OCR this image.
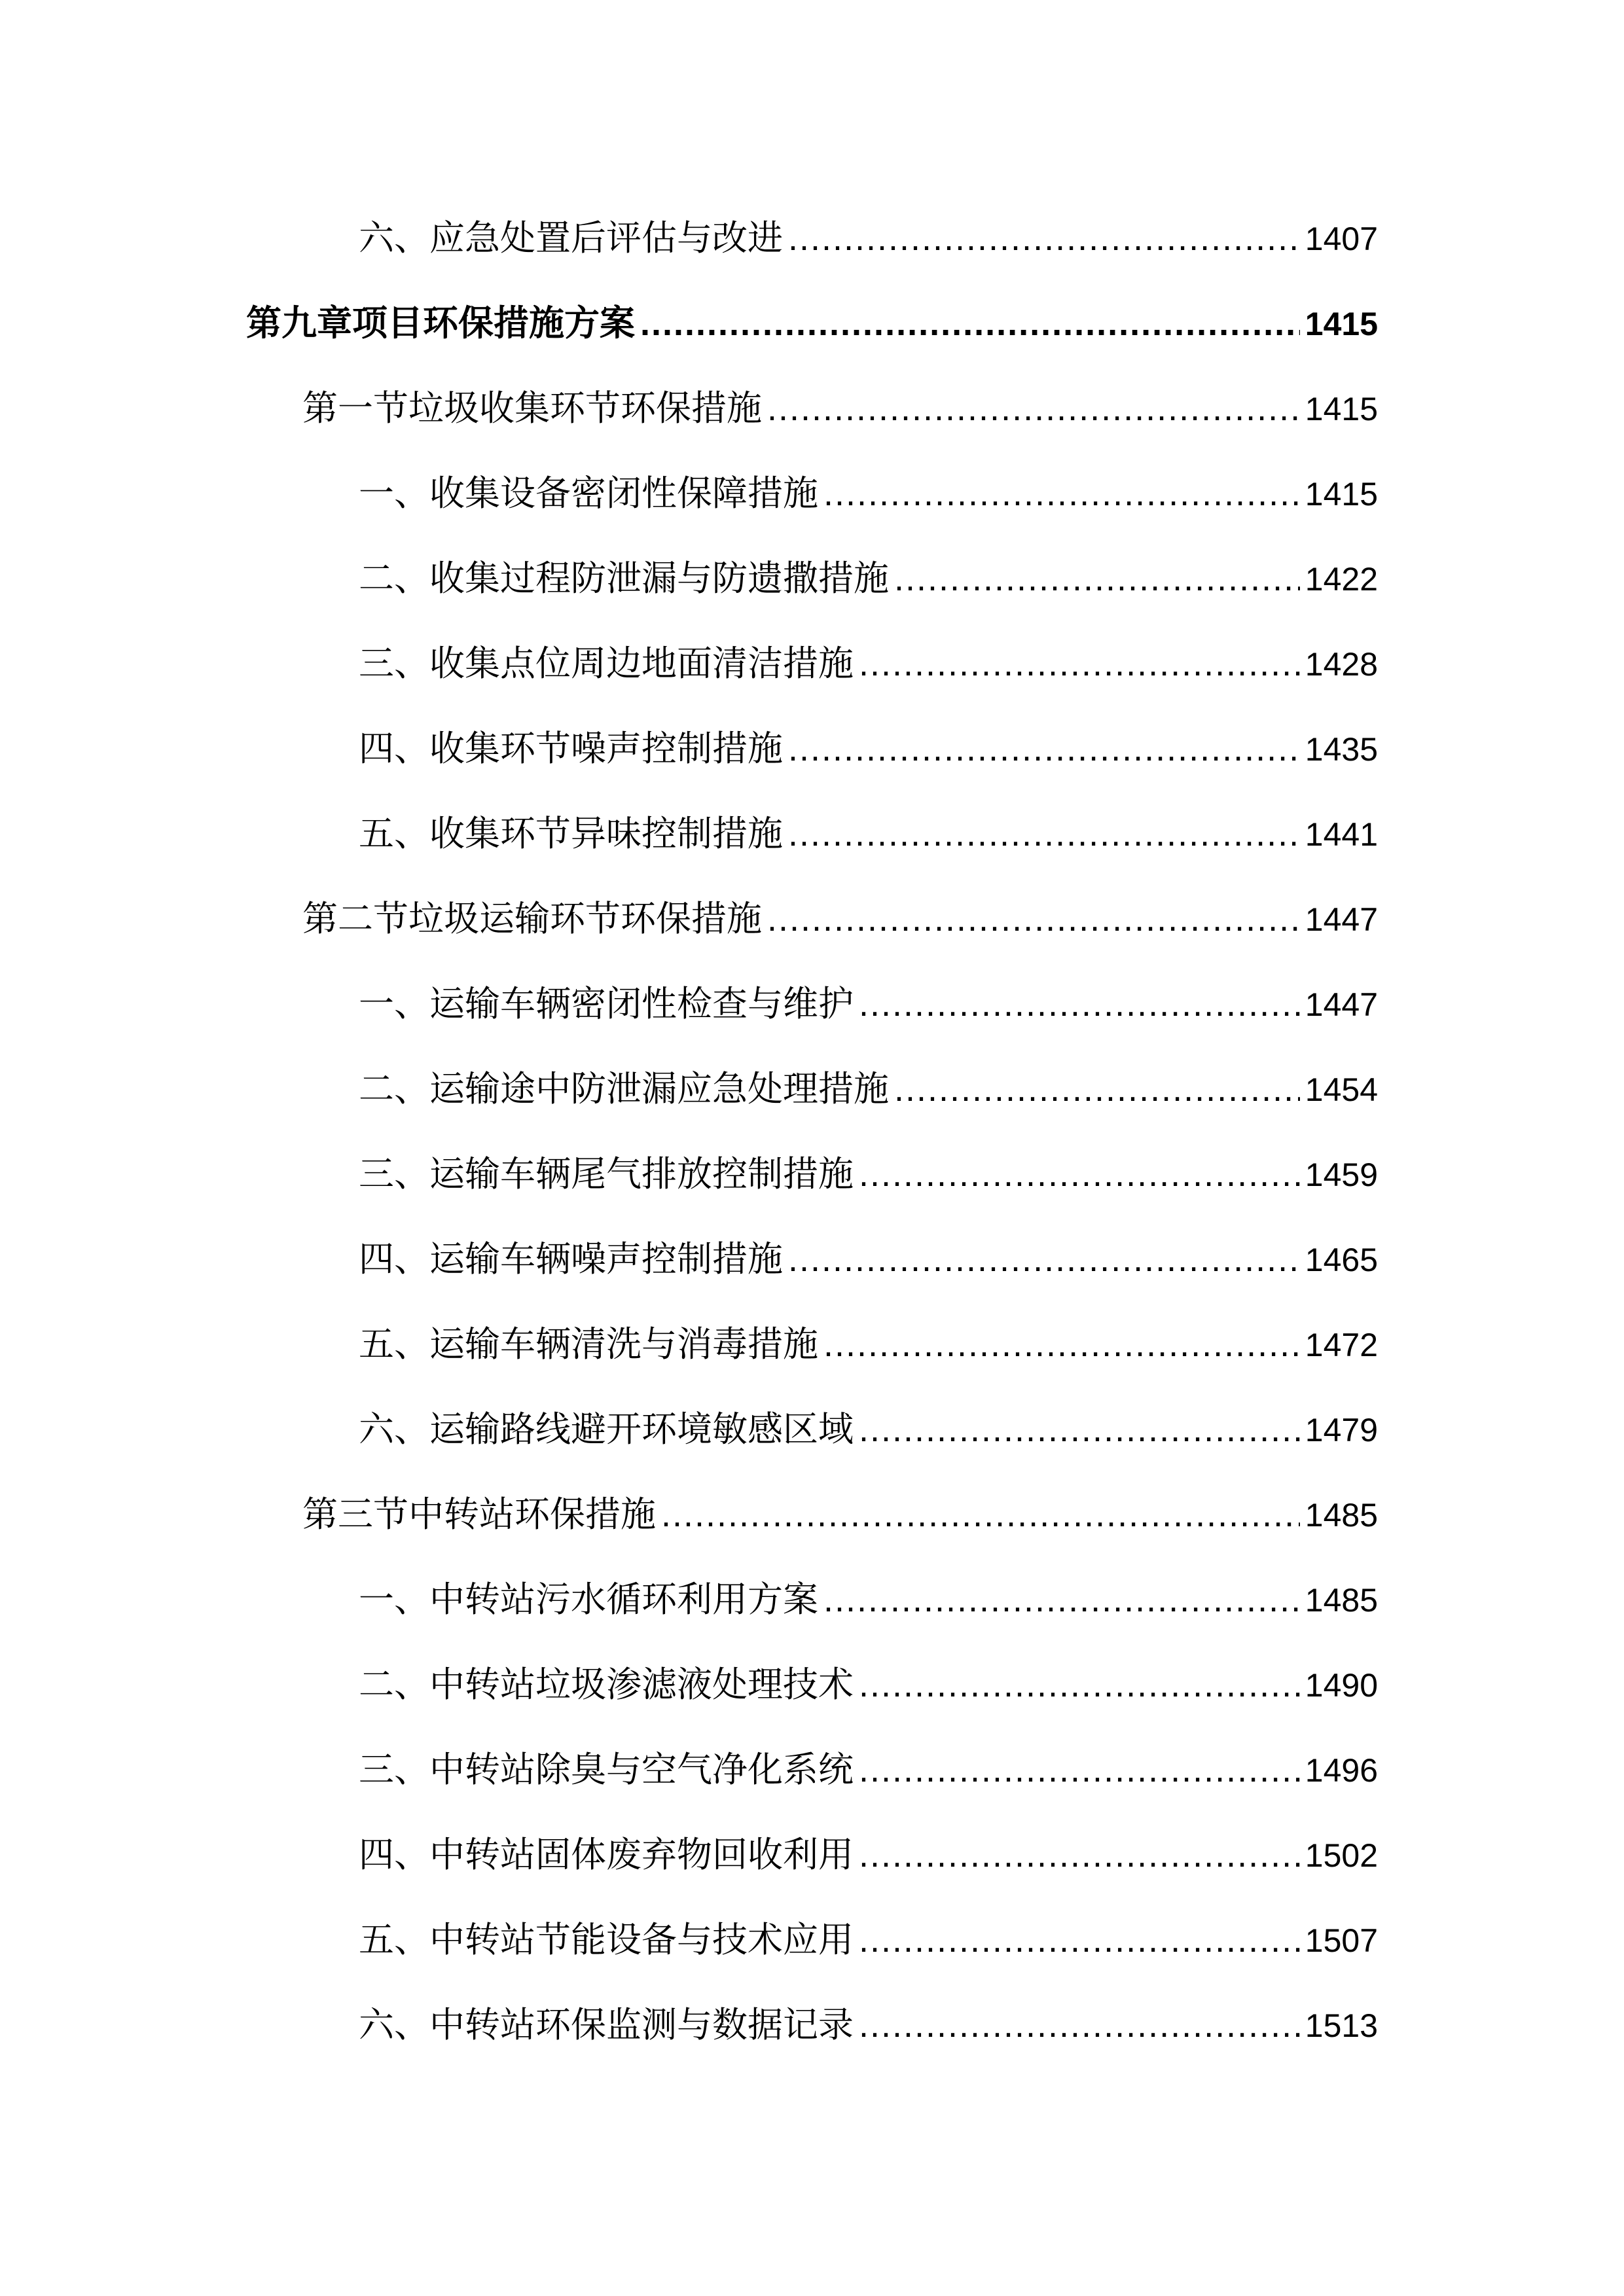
六、应急处置后评估与改进 .....	1407
第九章项目环保措施方案 .....	1415
第一节垃圾收集环节环保措施 .....	1415
一、收集设备密闭性保障措施 .....	1415
二、收集过程防泄漏与防遗撒措施 .....	1422
三、收集点位周边地面清洁措施 .....	1428
四、收集环节噪声控制措施 .....	1435
五、收集环节异味控制措施 .....	1441
第二节垃圾运输环节环保措施 .....	1447
一、运输车辆密闭性检查与维护 .....	1447
二、运输途中防泄漏应急处理措施 .....	1454
三、运输车辆尾气排放控制措施 .....	1459
四、运输车辆噪声控制措施 .....	1465
五、运输车辆清洗与消毒措施 .....	1472
六、运输路线避开环境敏感区域 .....	1479
第三节中转站环保措施 .....	1485
一、中转站污水循环利用方案 .....	1485
二、中转站垃圾渗滤液处理技术 .....	1490
三、中转站除臭与空气净化系统 .....	1496
四、中转站固体废弃物回收利用 .....	1502
五、中转站节能设备与技术应用 .....	1507
六、中转站环保监测与数据记录 .....	1513
